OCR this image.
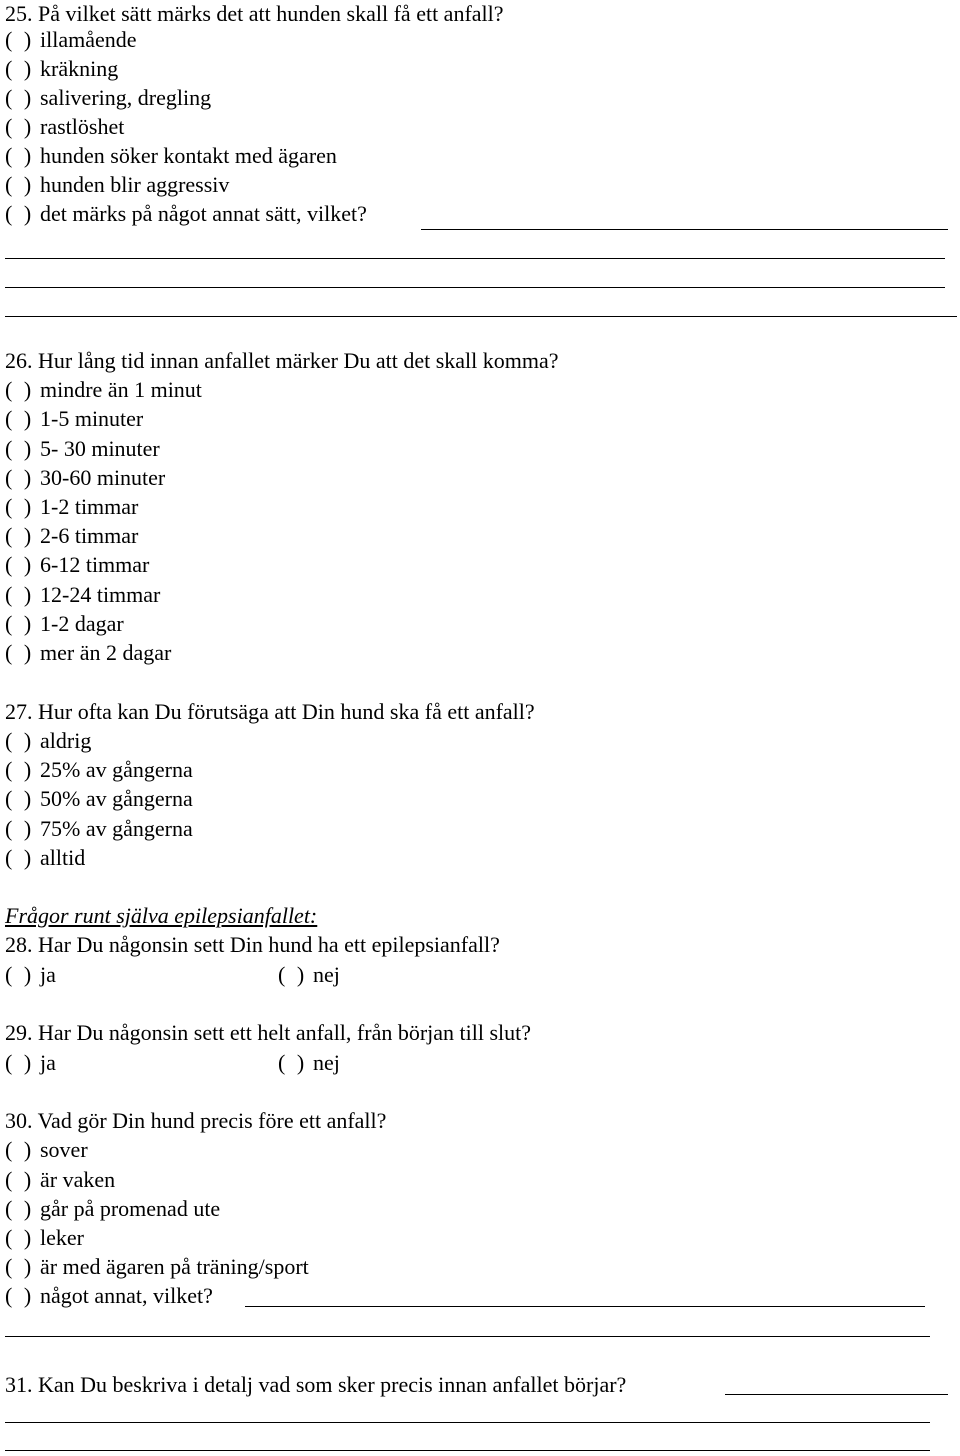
25. På vilket sätt märks det att hunden skall få ett anfall?
( ) illamående
( ) kräkning
( ) salivering, dregling
( ) rastlöshet
( ) hunden söker kontakt med ägaren
( ) hunden blir aggressiv
( ) det märks på något annat sätt, vilket?
26. Hur lång tid innan anfallet märker Du att det skall komma?
( ) mindre än 1 minut
( ) 1-5 minuter
( ) 5- 30 minuter
( ) 30-60 minuter
( ) 1-2 timmar
( ) 2-6 timmar
( ) 6-12 timmar
( ) 12-24 timmar
( ) 1-2 dagar
( ) mer än 2 dagar
27. Hur ofta kan Du förutsäga att Din hund ska få ett anfall?
( ) aldrig
( ) 25% av gångerna
( ) 50% av gångerna
( ) 75% av gångerna
( ) alltid
Frågor runt själva epilepsianfallet:
28. Har Du någonsin sett Din hund ha ett epilepsianfall?
( ) ja	( ) nej
29. Har Du någonsin sett ett helt anfall, från början till slut?
( ) ja	( ) nej
30. Vad gör Din hund precis före ett anfall?
( ) sover
( ) är vaken
( ) går på promenad ute
( ) leker
( ) är med ägaren på träning/sport
( ) något annat, vilket?
31. Kan Du beskriva i detalj vad som sker precis innan anfallet börjar?
